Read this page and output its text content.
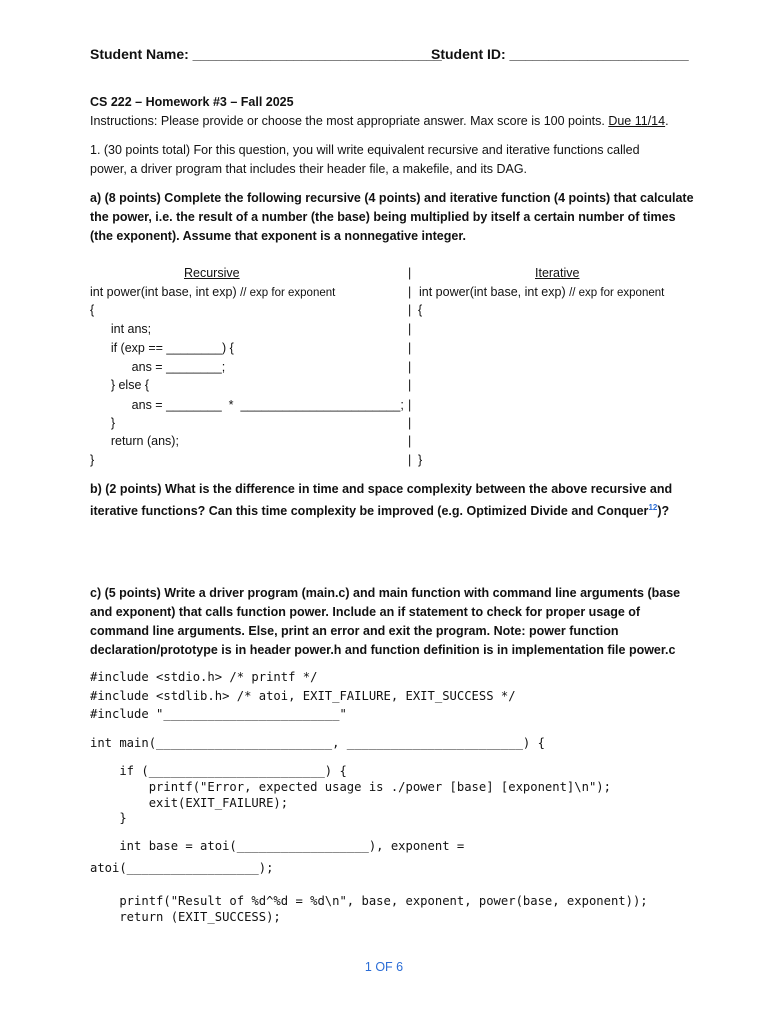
Student Name: ________________________________
Student ID: _______________________
CS 222 – Homework #3 – Fall 2025
Instructions: Please provide or choose the most appropriate answer. Max score is 100 points. Due 11/14.
1. (30 points total) For this question, you will write equivalent recursive and iterative functions called
power, a driver program that includes their header file, a makefile, and its DAG.
a) (8 points) Complete the following recursive (4 points) and iterative function (4 points) that calculate
the power, i.e. the result of a number (the base) being multiplied by itself a certain number of times
(the exponent). Assume that exponent is a nonnegative integer.
Recursive
int power(int base, int exp) // exp for exponent
{
int ans;
if (exp == ________) {
ans = ________;
} else {
ans = ________  *  _______________________;
}
return (ans);
}
|
|
|
|
|
|
|
|
|
|
|
Iterative
int power(int base, int exp) // exp for exponent
{
}
b) (2 points) What is the difference in time and space complexity between the above recursive and
iterative functions? Can this time complexity be improved (e.g. Optimized Divide and Conquer$^{12}$)?
c) (5 points) Write a driver program (main.c) and main function with command line arguments (base
and exponent) that calls function power. Include an if statement to check for proper usage of
command line arguments. Else, print an error and exit the program. Note: power function
declaration/prototype is in header power.h and function definition is in implementation file power.c
#include <stdio.h> /* printf */
#include <stdlib.h> /* atoi, EXIT_FAILURE, EXIT_SUCCESS */
#include "________________________"
int main(________________________, ________________________) {
if (________________________) {
printf("Error, expected usage is ./power [base] [exponent]\n");
exit(EXIT_FAILURE);
}
int base = atoi(__________________), exponent =
atoi(__________________);
printf("Result of %d^%d = %d\n", base, exponent, power(base, exponent));
return (EXIT_SUCCESS);
1 OF 6
